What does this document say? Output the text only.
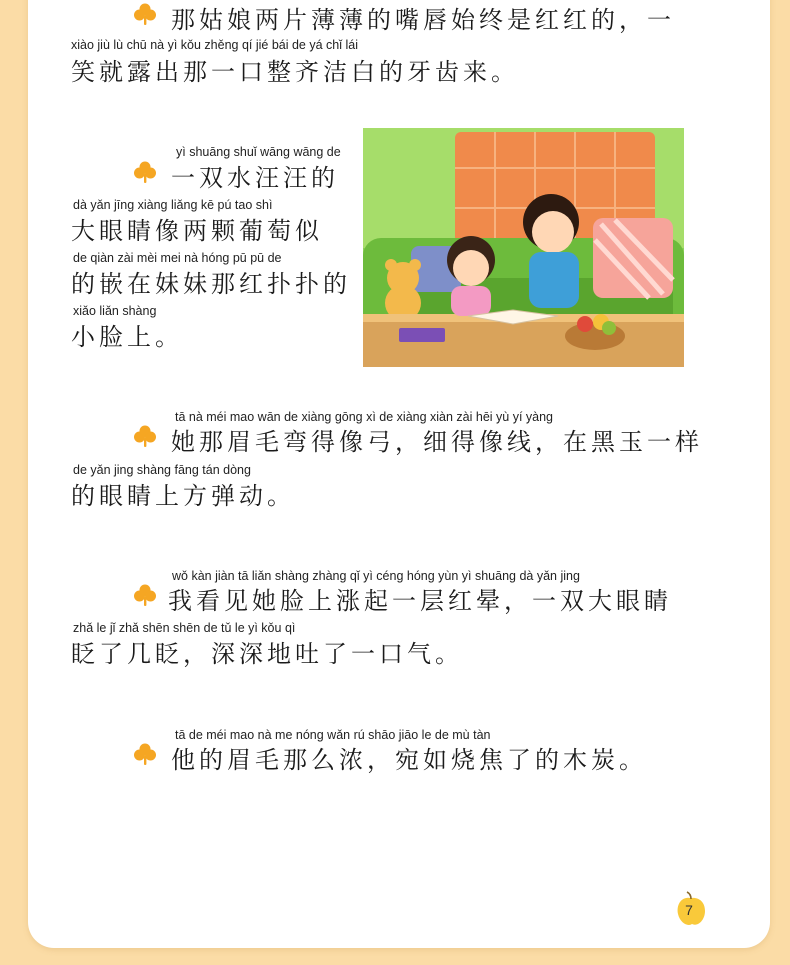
那姑娘两片薄薄的嘴唇始终是红红的，一
xiào jiù lù chū nà yì kǒu zhěng qí jié bái de yá chǐ lái
笑就露出那一口整齐洁白的牙齿来。
yì shuāng shuǐ wāng wāng de
一双水汪汪的
dà yǎn jīng xiàng liǎng kē pú tao shì
大眼睛像两颗葡萄似
de qiàn zài mèi mei nà hóng pū pū de
的嵌在妹妹那红扑扑的
xiǎo liǎn shàng
小脸上。
tā nà méi mao wān de xiàng gōng xì de xiàng xiàn zài hēi yù yí yàng
她那眉毛弯得像弓，细得像线，在黑玉一样
de yǎn jing shàng fāng tán dòng
的眼睛上方弹动。
wǒ kàn jiàn tā liǎn shàng zhàng qǐ yì céng hóng yùn yì shuāng dà yǎn jing
我看见她脸上涨起一层红晕，一双大眼睛
zhǎ le jǐ zhǎ shēn shēn de tǔ le yì kǒu qì
眨了几眨，深深地吐了一口气。
tā de méi mao nà me nóng wǎn rú shāo jiāo le de mù tàn
他的眉毛那么浓，宛如烧焦了的木炭。
7
